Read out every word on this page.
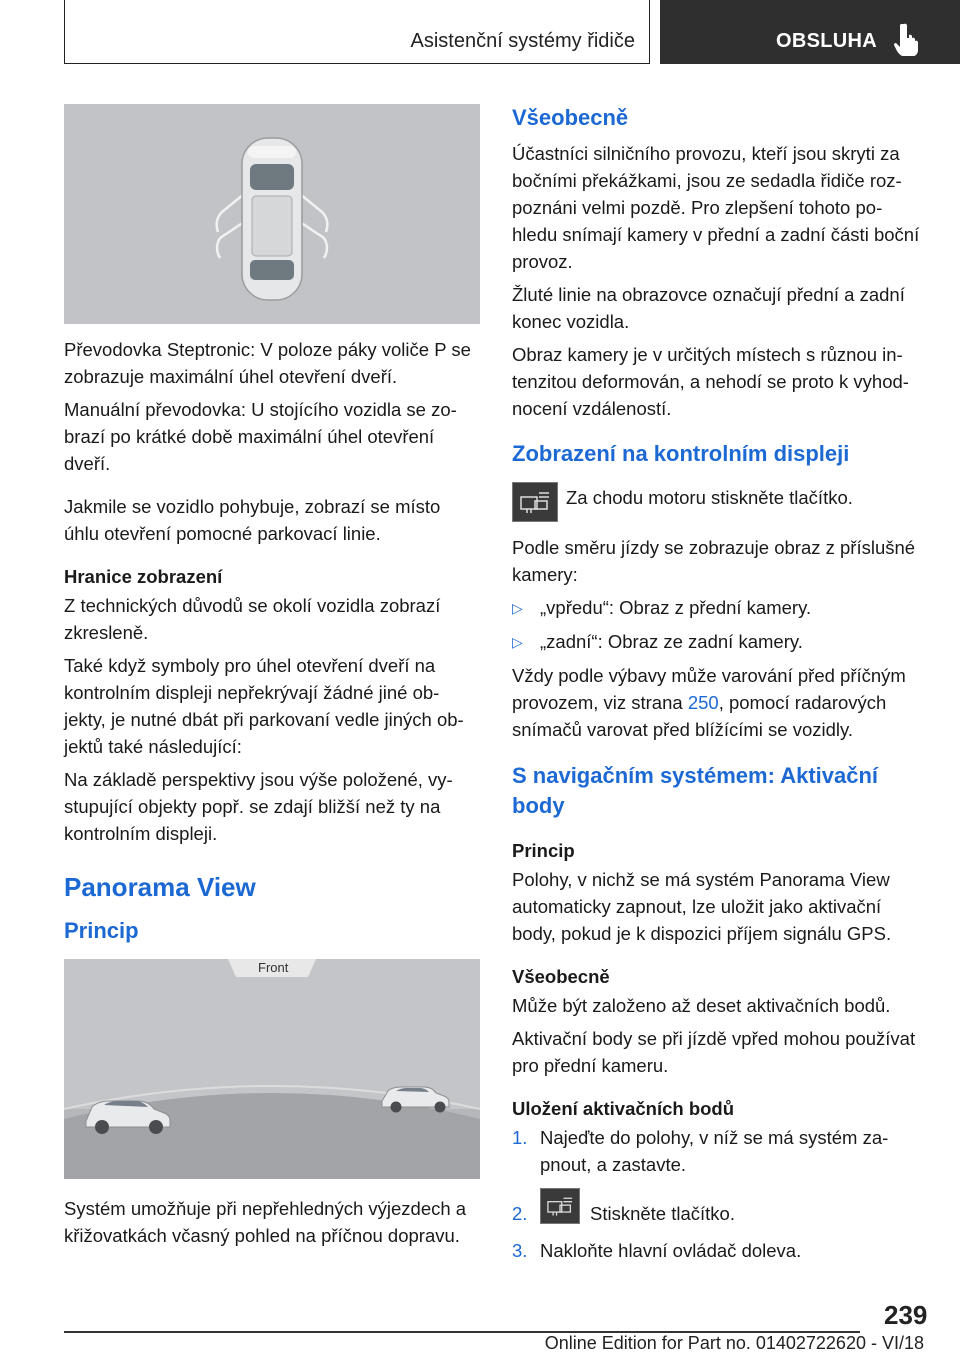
Asistenční systémy řidiče	OBSLUHA

Převodovka Steptronic: V poloze páky voliče P se zobrazuje maximální úhel otevření dveří.

Manuální převodovka: U stojícího vozidla se zo‐brazí po krátké době maximální úhel otevření dveří.

Jakmile se vozidlo pohybuje, zobrazí se místo úhlu otevření pomocné parkovací linie.

Hranice zobrazení

Z technických důvodů se okolí vozidla zobrazí zkresleně.

Také když symboly pro úhel otevření dveří na kontrolním displeji nepřekrývají žádné jiné ob‐jekty, je nutné dbát při parkovaní vedle jiných ob‐jektů také následující:

Na základě perspektivy jsou výše položené, vy‐stupující objekty popř. se zdají bližší než ty na kontrolním displeji.

Panorama View
Princip
Front

Systém umožňuje při nepřehledných výjezdech a křižovatkách včasný pohled na příčnou dopravu.

Všeobecně

Účastníci silničního provozu, kteří jsou skryti za bočními překážkami, jsou ze sedadla řidiče roz‐poznáni velmi pozdě. Pro zlepšení tohoto po‐hledu snímají kamery v přední a zadní části boční provoz.

Žluté linie na obrazovce označují přední a zadní konec vozidla.

Obraz kamery je v určitých místech s různou in‐tenzitou deformován, a nehodí se proto k vyhod‐nocení vzdáleností.

Zobrazení na kontrolním displeji
Za chodu motoru stiskněte tlačítko.

Podle směru jízdy se zobrazuje obraz z příslušné kamery:

▷ „vpředu“: Obraz z přední kamery.
▷ „zadní“: Obraz ze zadní kamery.

Vždy podle výbavy může varování před příčným provozem, viz strana 250, pomocí radarových snímačů varovat před blížícími se vozidly.

S navigačním systémem: Aktivační body
Princip

Polohy, v nichž se má systém Panorama View automaticky zapnout, lze uložit jako aktivační body, pokud je k dispozici příjem signálu GPS.

Všeobecně

Může být založeno až deset aktivačních bodů.

Aktivační body se při jízdě vpřed mohou používat pro přední kameru.

Uložení aktivačních bodů
1. Najeďte do polohy, v níž se má systém za‐pnout, a zastavte.
2.	Stiskněte tlačítko.
3. Nakloňte hlavní ovládač doleva.
239
Online Edition for Part no. 01402722620 - VI/18
